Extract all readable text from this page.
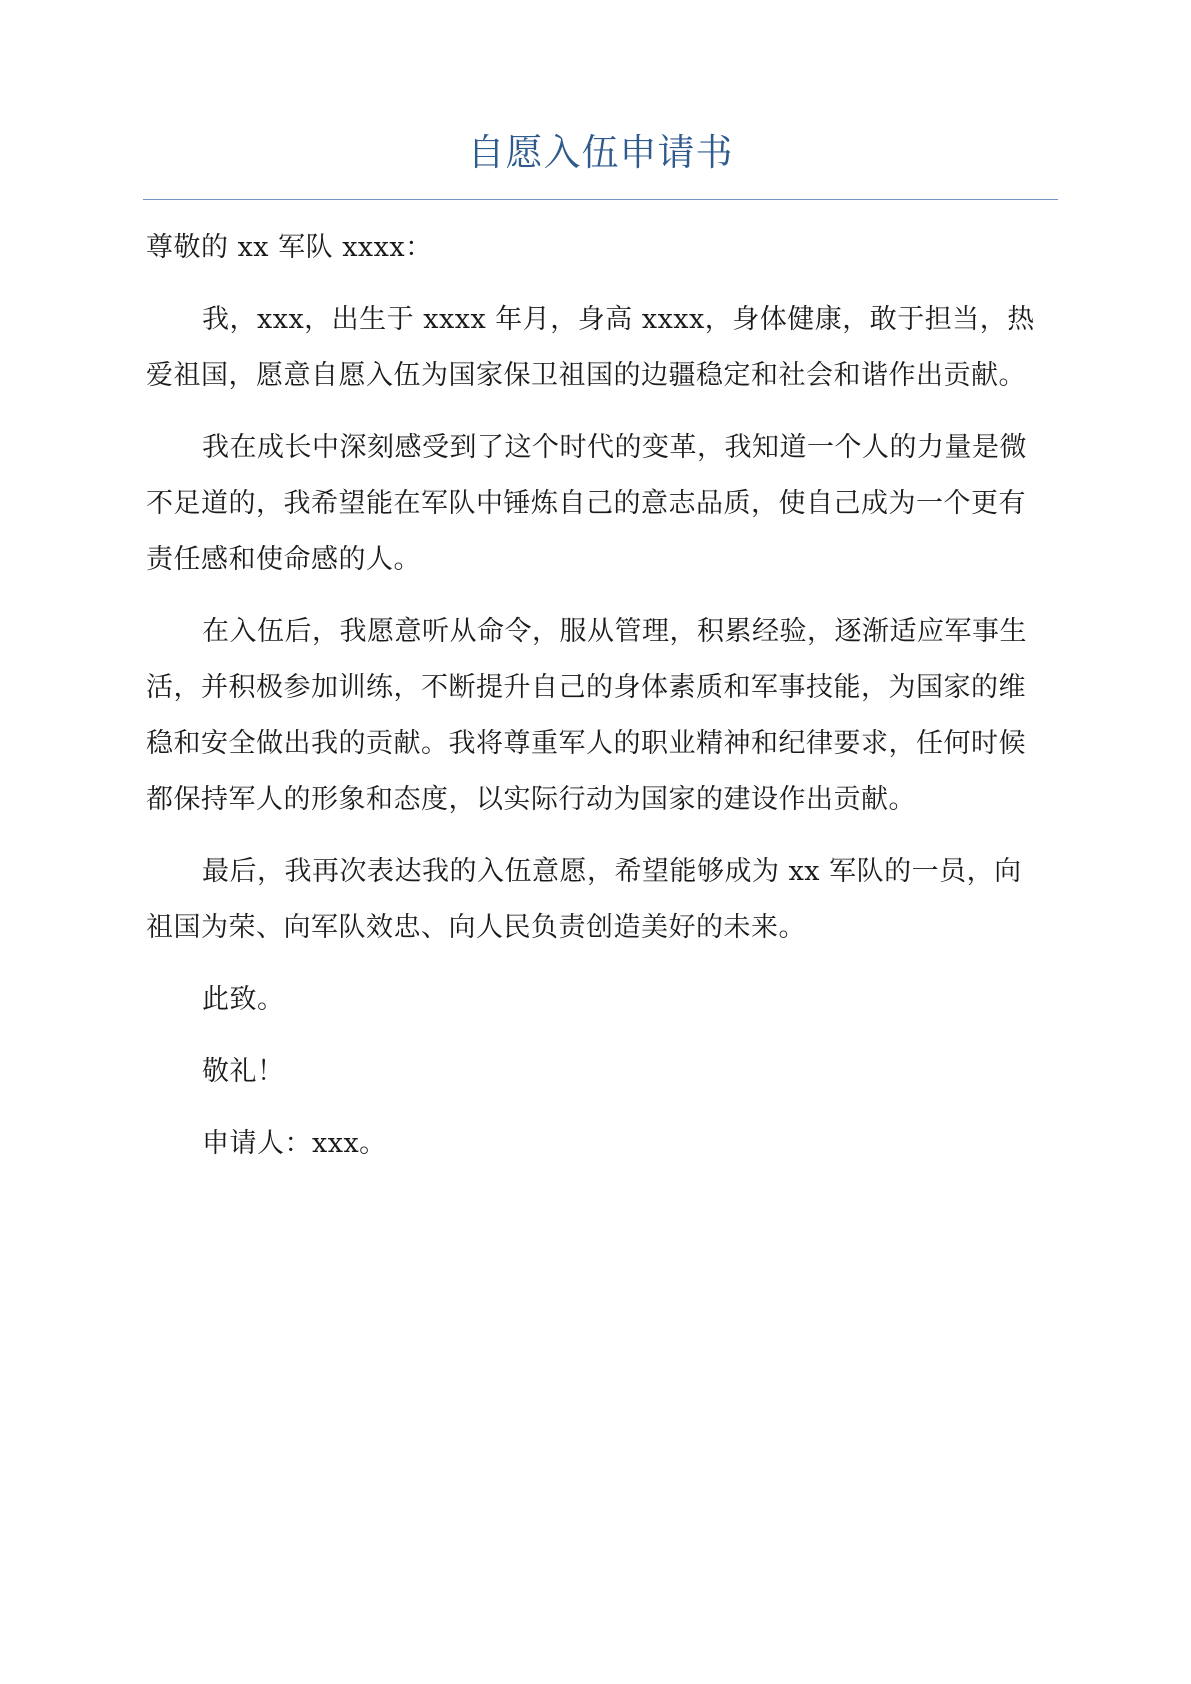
自愿入伍申请书

尊敬的 xx 军队 xxxx：

我，xxx，出生于 xxxx 年月，身高 xxxx，身体健康，敢于担当，热爱祖国，愿意自愿入伍为国家保卫祖国的边疆稳定和社会和谐作出贡献。

我在成长中深刻感受到了这个时代的变革，我知道一个人的力量是微不足道的，我希望能在军队中锤炼自己的意志品质，使自己成为一个更有责任感和使命感的人。

在入伍后，我愿意听从命令，服从管理，积累经验，逐渐适应军事生活，并积极参加训练，不断提升自己的身体素质和军事技能，为国家的维稳和安全做出我的贡献。我将尊重军人的职业精神和纪律要求，任何时候都保持军人的形象和态度，以实际行动为国家的建设作出贡献。

最后，我再次表达我的入伍意愿，希望能够成为 xx 军队的一员，向祖国为荣、向军队效忠、向人民负责创造美好的未来。

此致。

敬礼！

申请人：xxx。
